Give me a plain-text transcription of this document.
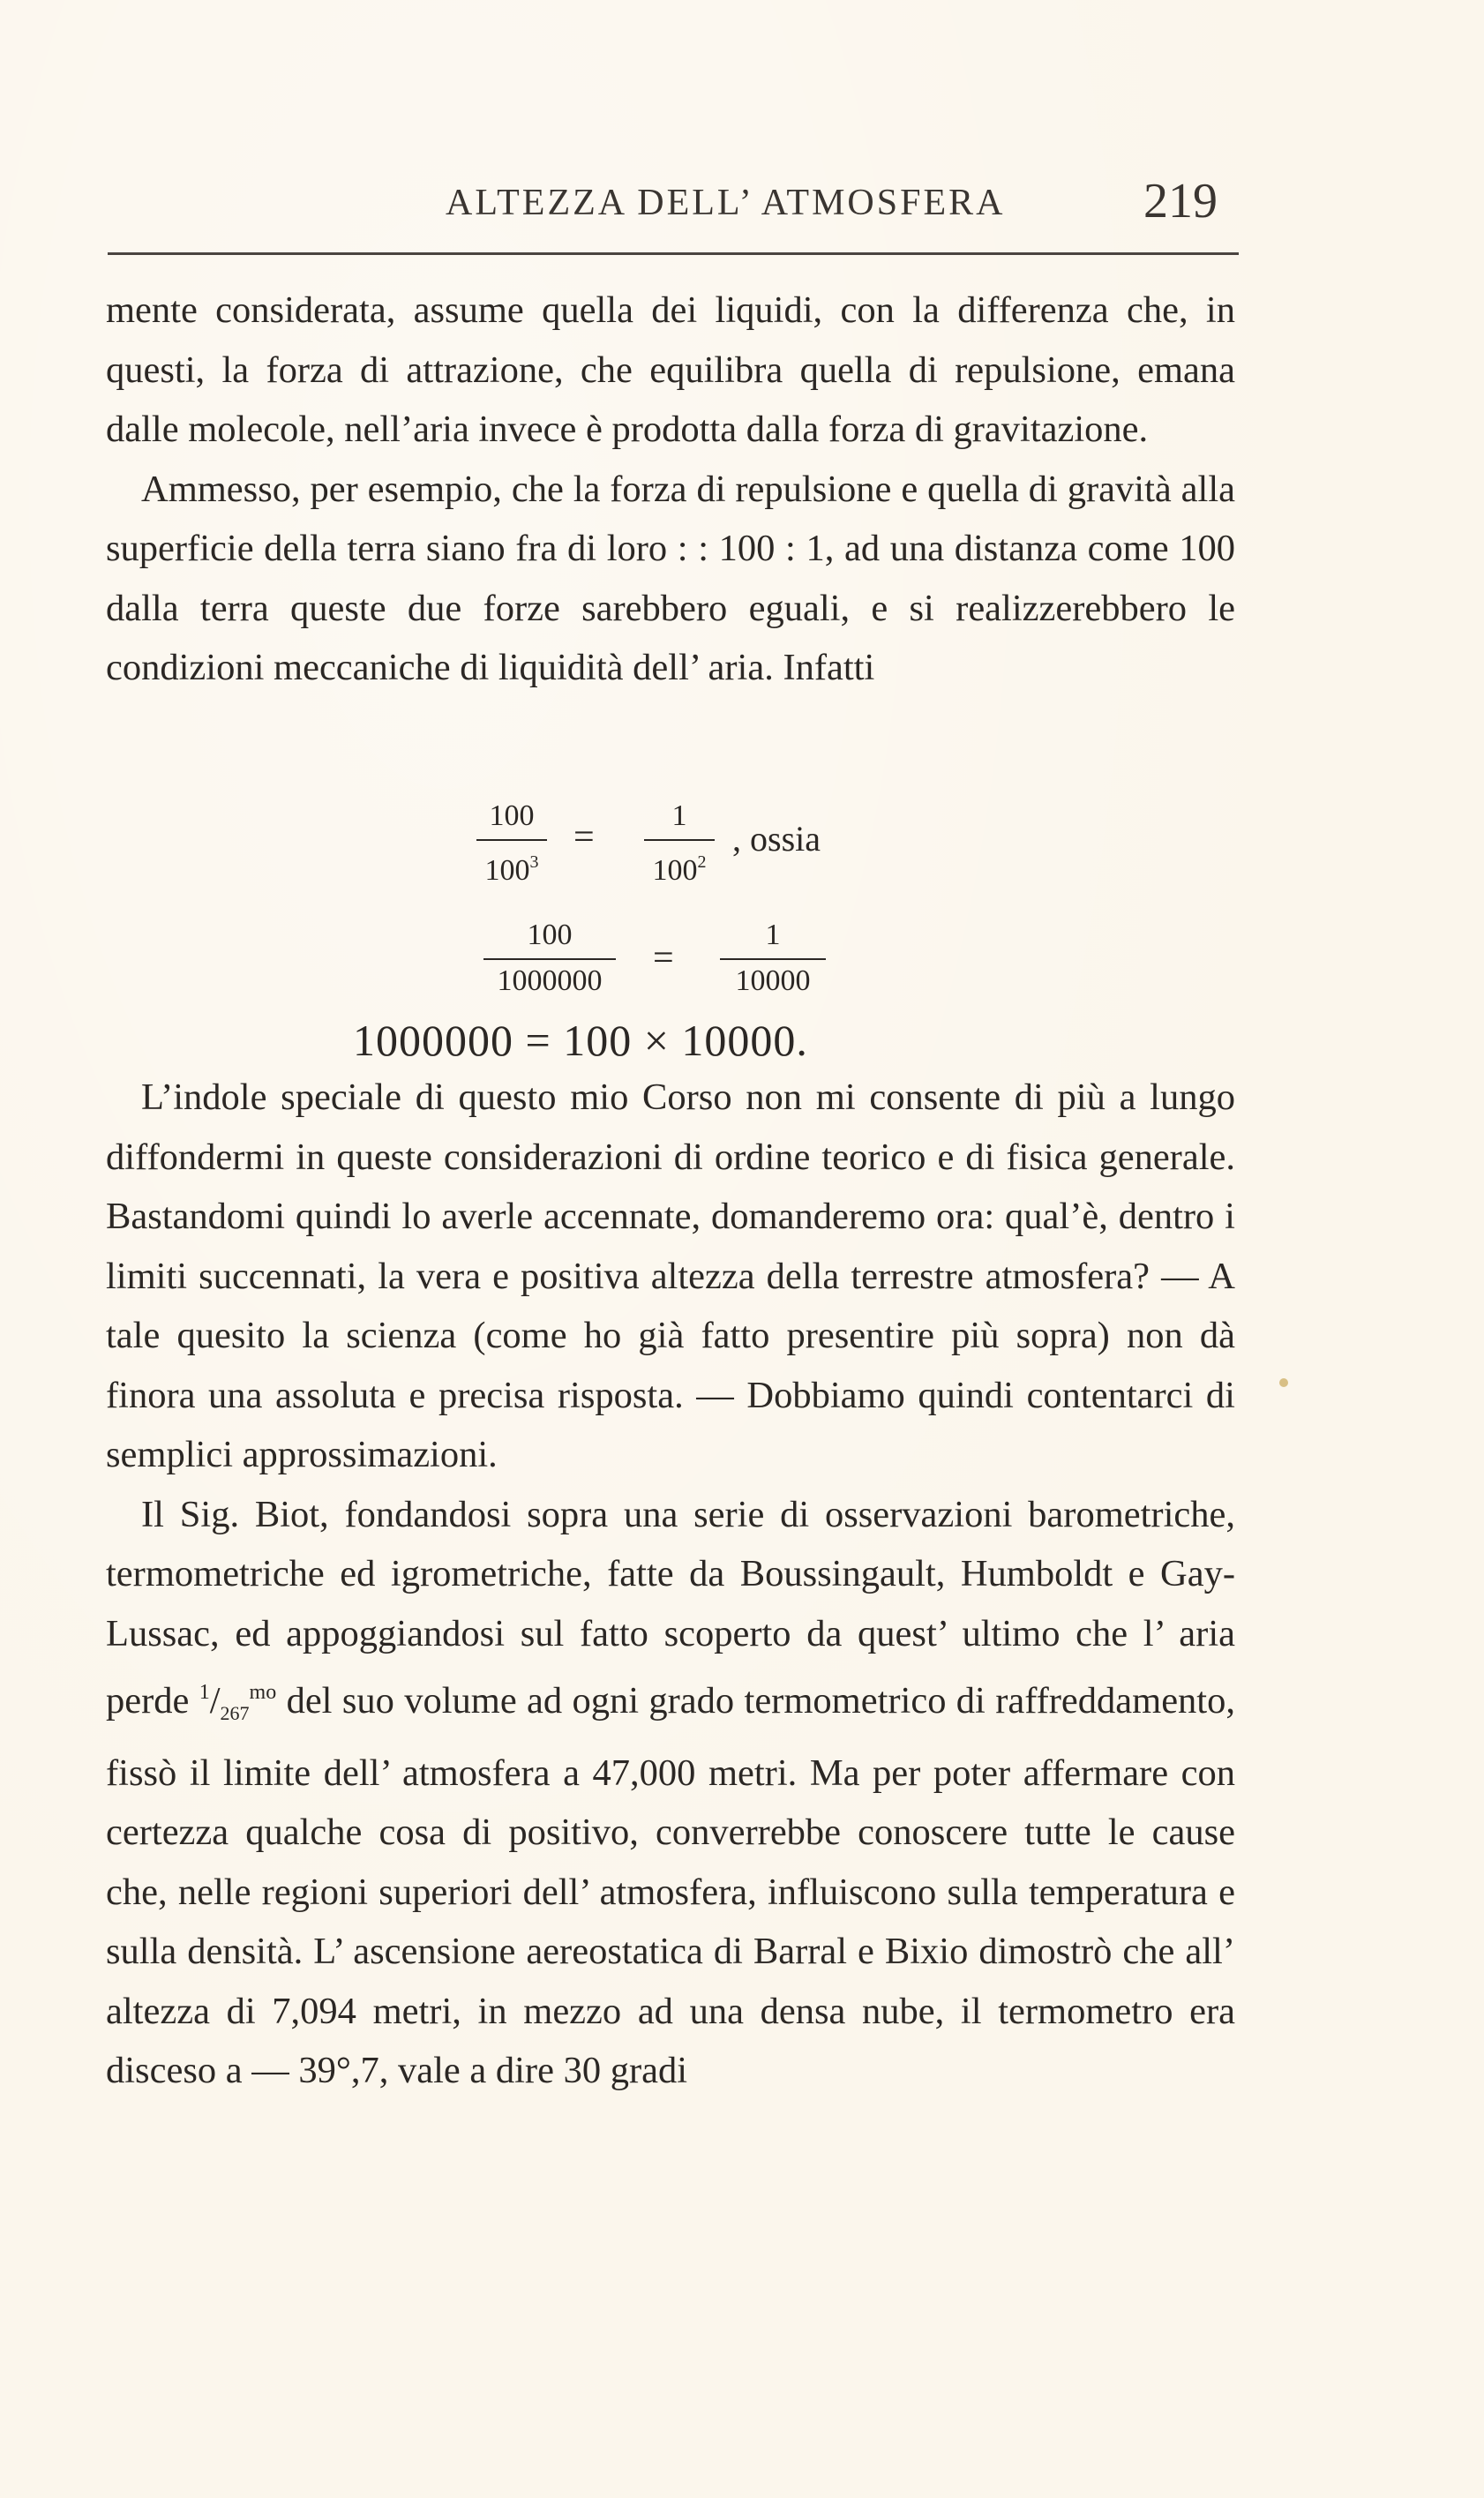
ALTEZZA DELL’ ATMOSFERA	219

mente considerata, assume quella dei liquidi, con la differenza che, in questi, la forza di attrazione, che equilibra quella di repulsione, emana dalle molecole, nell’aria invece è prodotta dalla forza di gravitazione.

Ammesso, per esempio, che la forza di repulsione e quella di gravità alla superficie della terra siano fra di loro : : 100 : 1, ad una distanza come 100 dalla terra queste due forze sarebbero eguali, e si realizzerebbero le condizioni meccaniche di liquidità dell’ aria. Infatti

$\frac{100}{100^3} = \frac{1}{100^2}$ , ossia
$\frac{100}{1000000} = \frac{1}{10000}$
1000000 = 100 × 10000.

L’indole speciale di questo mio Corso non mi consente di più a lungo diffondermi in queste considerazioni di ordine teorico e di fisica generale. Bastandomi quindi lo averle accennate, domanderemo ora: qual’è, dentro i limiti succennati, la vera e positiva altezza della terrestre atmosfera? — A tale quesito la scienza (come ho già fatto presentire più sopra) non dà finora una assoluta e precisa risposta. — Dobbiamo quindi contentarci di semplici approssimazioni.

Il Sig. Biot, fondandosi sopra una serie di osservazioni barometriche, termometriche ed igrometriche, fatte da Boussingault, Humboldt e Gay-Lussac, ed appoggiandosi sul fatto scoperto da quest’ ultimo che l’ aria perde $^1/_{267}^{mo}$ del suo volume ad ogni grado termometrico di raffreddamento, fissò il limite dell’ atmosfera a 47,000 metri. Ma per poter affermare con certezza qualche cosa di positivo, converrebbe conoscere tutte le cause che, nelle regioni superiori dell’ atmosfera, influiscono sulla temperatura e sulla densità. L’ ascensione aereostatica di Barral e Bixio dimostrò che all’ altezza di 7,094 metri, in mezzo ad una densa nube, il termometro era disceso a — 39°,7, vale a dire 30 gradi
